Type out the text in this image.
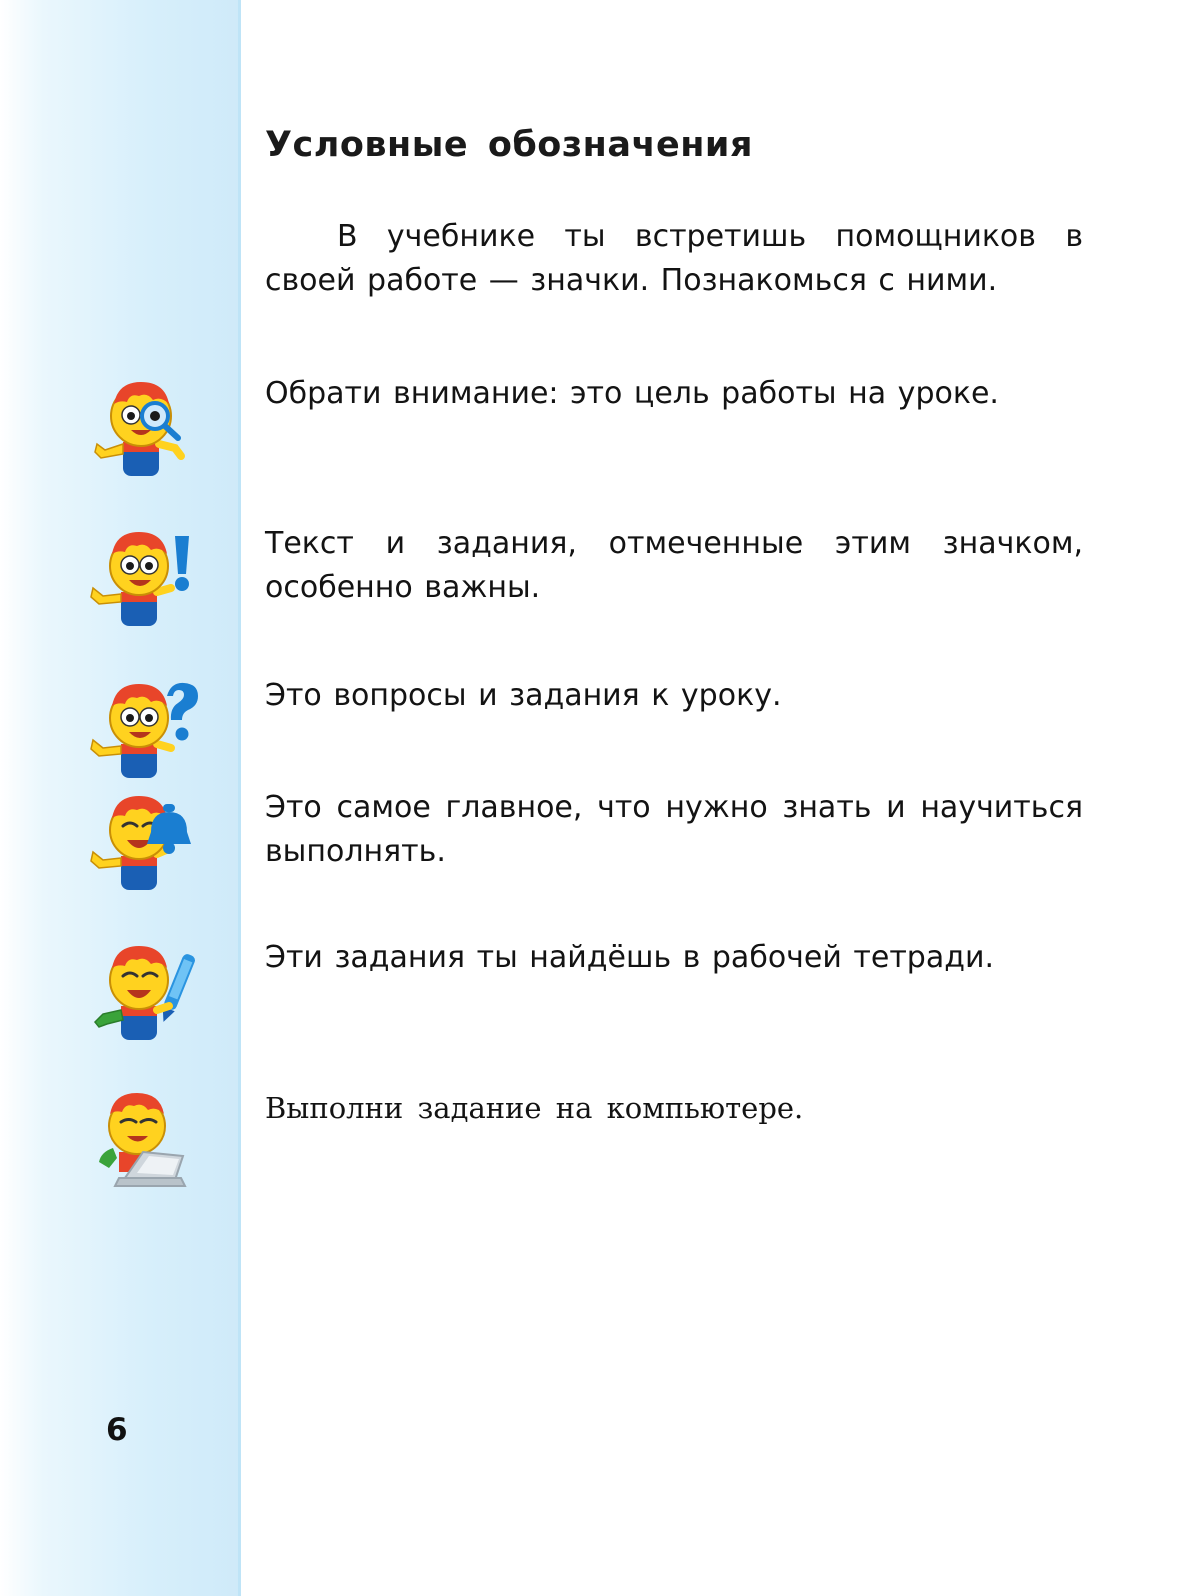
Условные обозначения
В учебнике ты встретишь помощников в своей работе — значки. Познакомься с ними.
Обрати внимание: это цель работы на уроке.
Текст и задания, отмеченные этим значком, особенно важны.
Это вопросы и задания к уроку.
Это самое главное, что нужно знать и научиться выполнять.
Эти задания ты найдёшь в рабочей тетради.
Выполни задание на компьютере.
6
